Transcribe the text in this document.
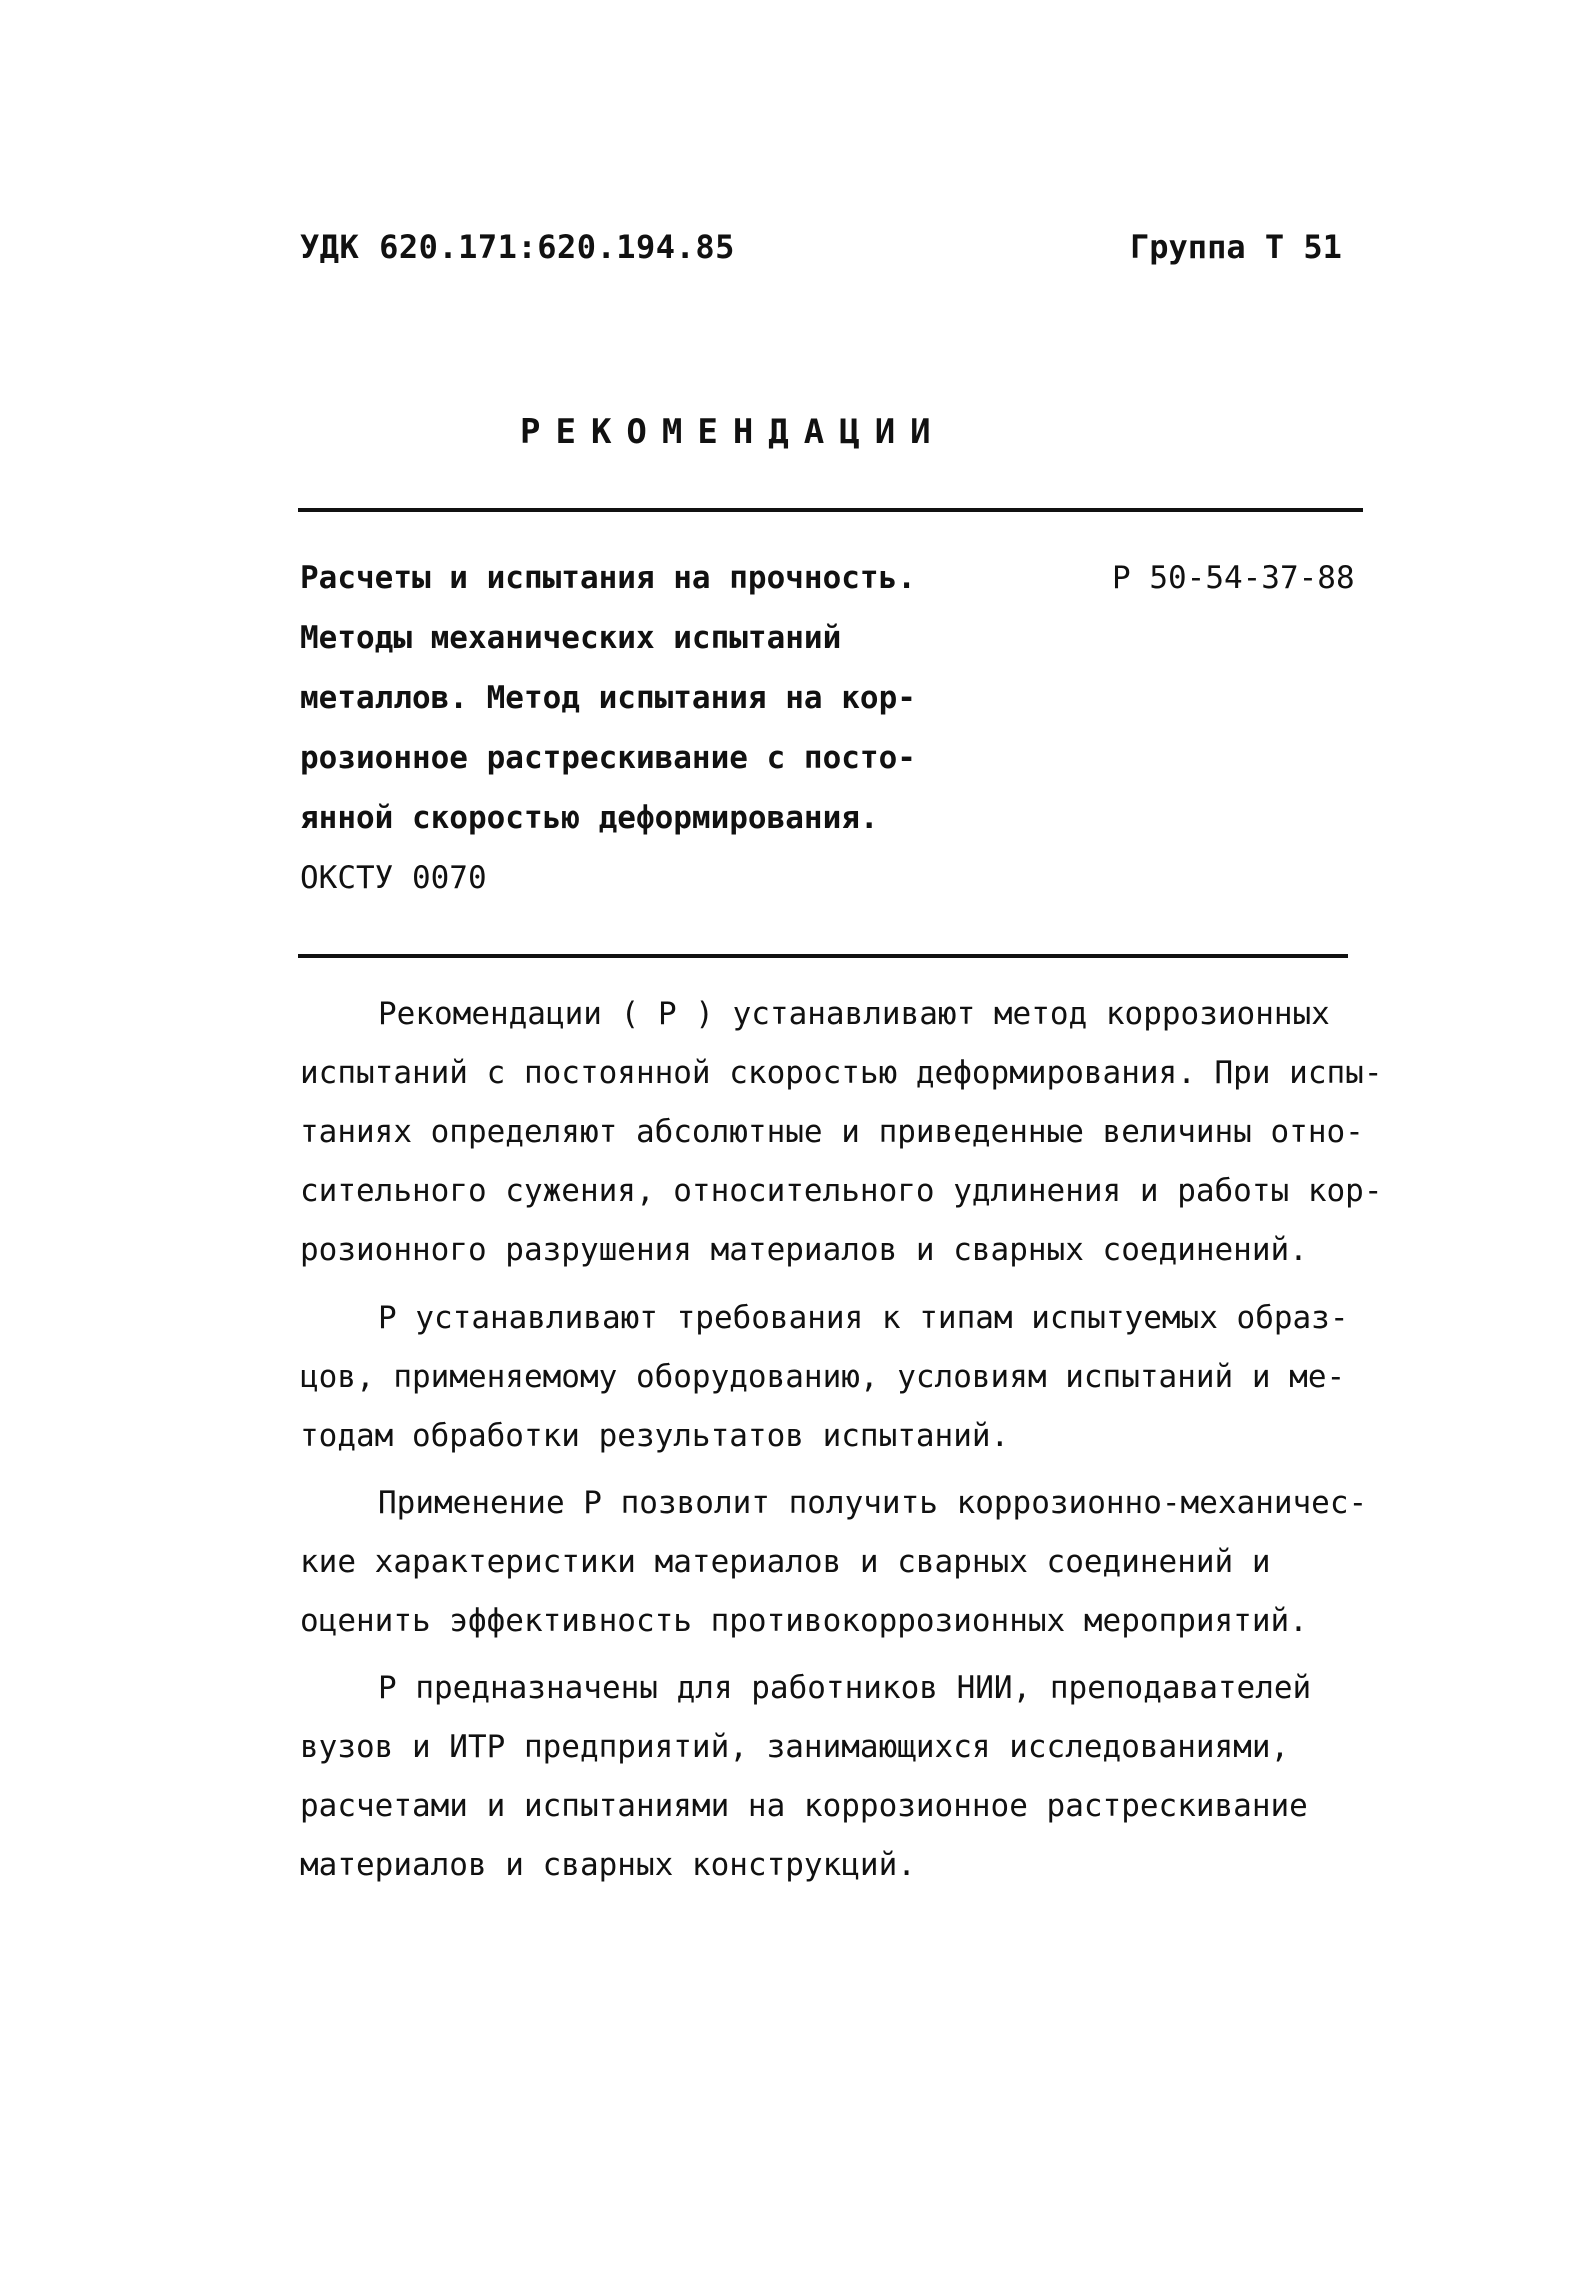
УДК 620.171:620.194.85	Группа Т 51
РЕКОМЕНДАЦИИ
Расчеты и испытания на прочность.
Методы механических испытаний
металлов. Метод испытания на кор-
розионное растрескивание с посто-
янной скоростью деформирования.
ОКСТУ 0070
Р 50-54-37-88
Рекомендации ( Р ) устанавливают метод коррозионных
испытаний с постоянной скоростью деформирования. При испы-
таниях определяют абсолютные и приведенные величины отно-
сительного сужения, относительного удлинения и работы кор-
розионного разрушения материалов и сварных соединений.
Р устанавливают требования к типам испытуемых образ-
цов, применяемому оборудованию, условиям испытаний и ме-
тодам обработки результатов испытаний.
Применение Р позволит получить коррозионно-механичес-
кие характеристики материалов и сварных соединений и
оценить эффективность противокоррозионных мероприятий.
Р предназначены для работников НИИ, преподавателей
вузов и ИТР предприятий, занимающихся исследованиями,
расчетами и испытаниями на коррозионное растрескивание
материалов и сварных конструкций.
